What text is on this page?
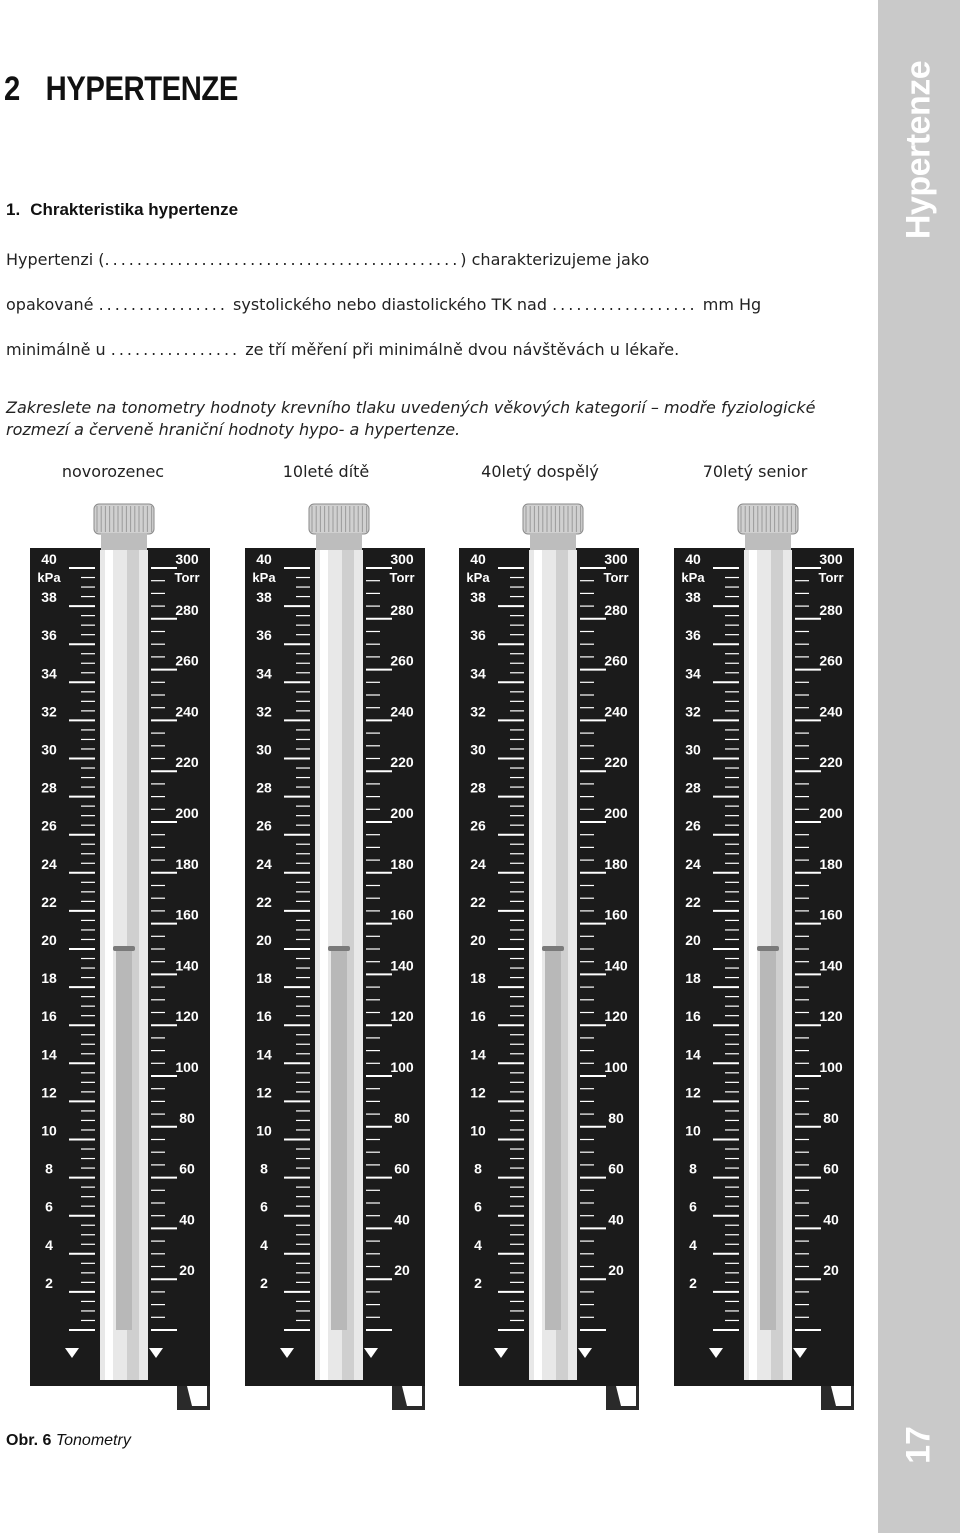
Hypertenze
17
2 HYPERTENZE
1. Chrakteristika hypertenze
Hypertenzi (............................................) charakterizujeme jako
opakované ................ systolického nebo diastolického TK nad .................. mm Hg
minimálně u ................ ze tří měření při minimálně dvou návštěvách u lékaře.
Zakreslete na tonometry hodnoty krevního tlaku uvedených věkových kategorií – modře fyziologické rozmezí a červeně hraniční hodnoty hypo- a hypertenze.
novorozenec	10leté dítě	40letý dospělý	70letý senior
40
38
36
34
32
30
28
26
24
22
20
18
16
14
12
10
8
6
4
2
kPa
300
280
260
240
220
200
180
160
140
120
100
80
60
40
20
Torr
40
38
36
34
32
30
28
26
24
22
20
18
16
14
12
10
8
6
4
2
kPa
300
280
260
240
220
200
180
160
140
120
100
80
60
40
20
Torr
40
38
36
34
32
30
28
26
24
22
20
18
16
14
12
10
8
6
4
2
kPa
300
280
260
240
220
200
180
160
140
120
100
80
60
40
20
Torr
40
38
36
34
32
30
28
26
24
22
20
18
16
14
12
10
8
6
4
2
kPa
300
280
260
240
220
200
180
160
140
120
100
80
60
40
20
Torr
Obr. 6 Tonometry
